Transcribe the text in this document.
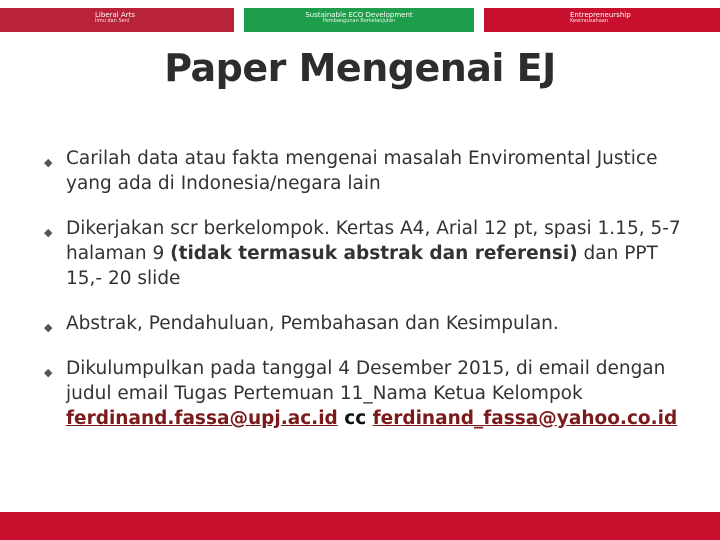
Liberal Arts
Ilmu dan Seni
Sustainable ECO Development
Pembangunan Berkelanjutan
Entrepreneurship
Kewirausahaan
Paper Mengenai EJ
◆ Carilah data atau fakta mengenai masalah Enviromental Justice yang ada di Indonesia/negara lain
◆ Dikerjakan scr berkelompok. Kertas A4, Arial 12 pt, spasi 1.15, 5-7 halaman 9 (tidak termasuk abstrak dan referensi) dan PPT 15,- 20 slide
◆ Abstrak, Pendahuluan, Pembahasan dan Kesimpulan.
◆ Dikulumpulkan pada tanggal 4 Desember 2015, di email dengan judul email Tugas Pertemuan 11_Nama Ketua Kelompok ferdinand.fassa@upj.ac.id cc ferdinand_fassa@yahoo.co.id
